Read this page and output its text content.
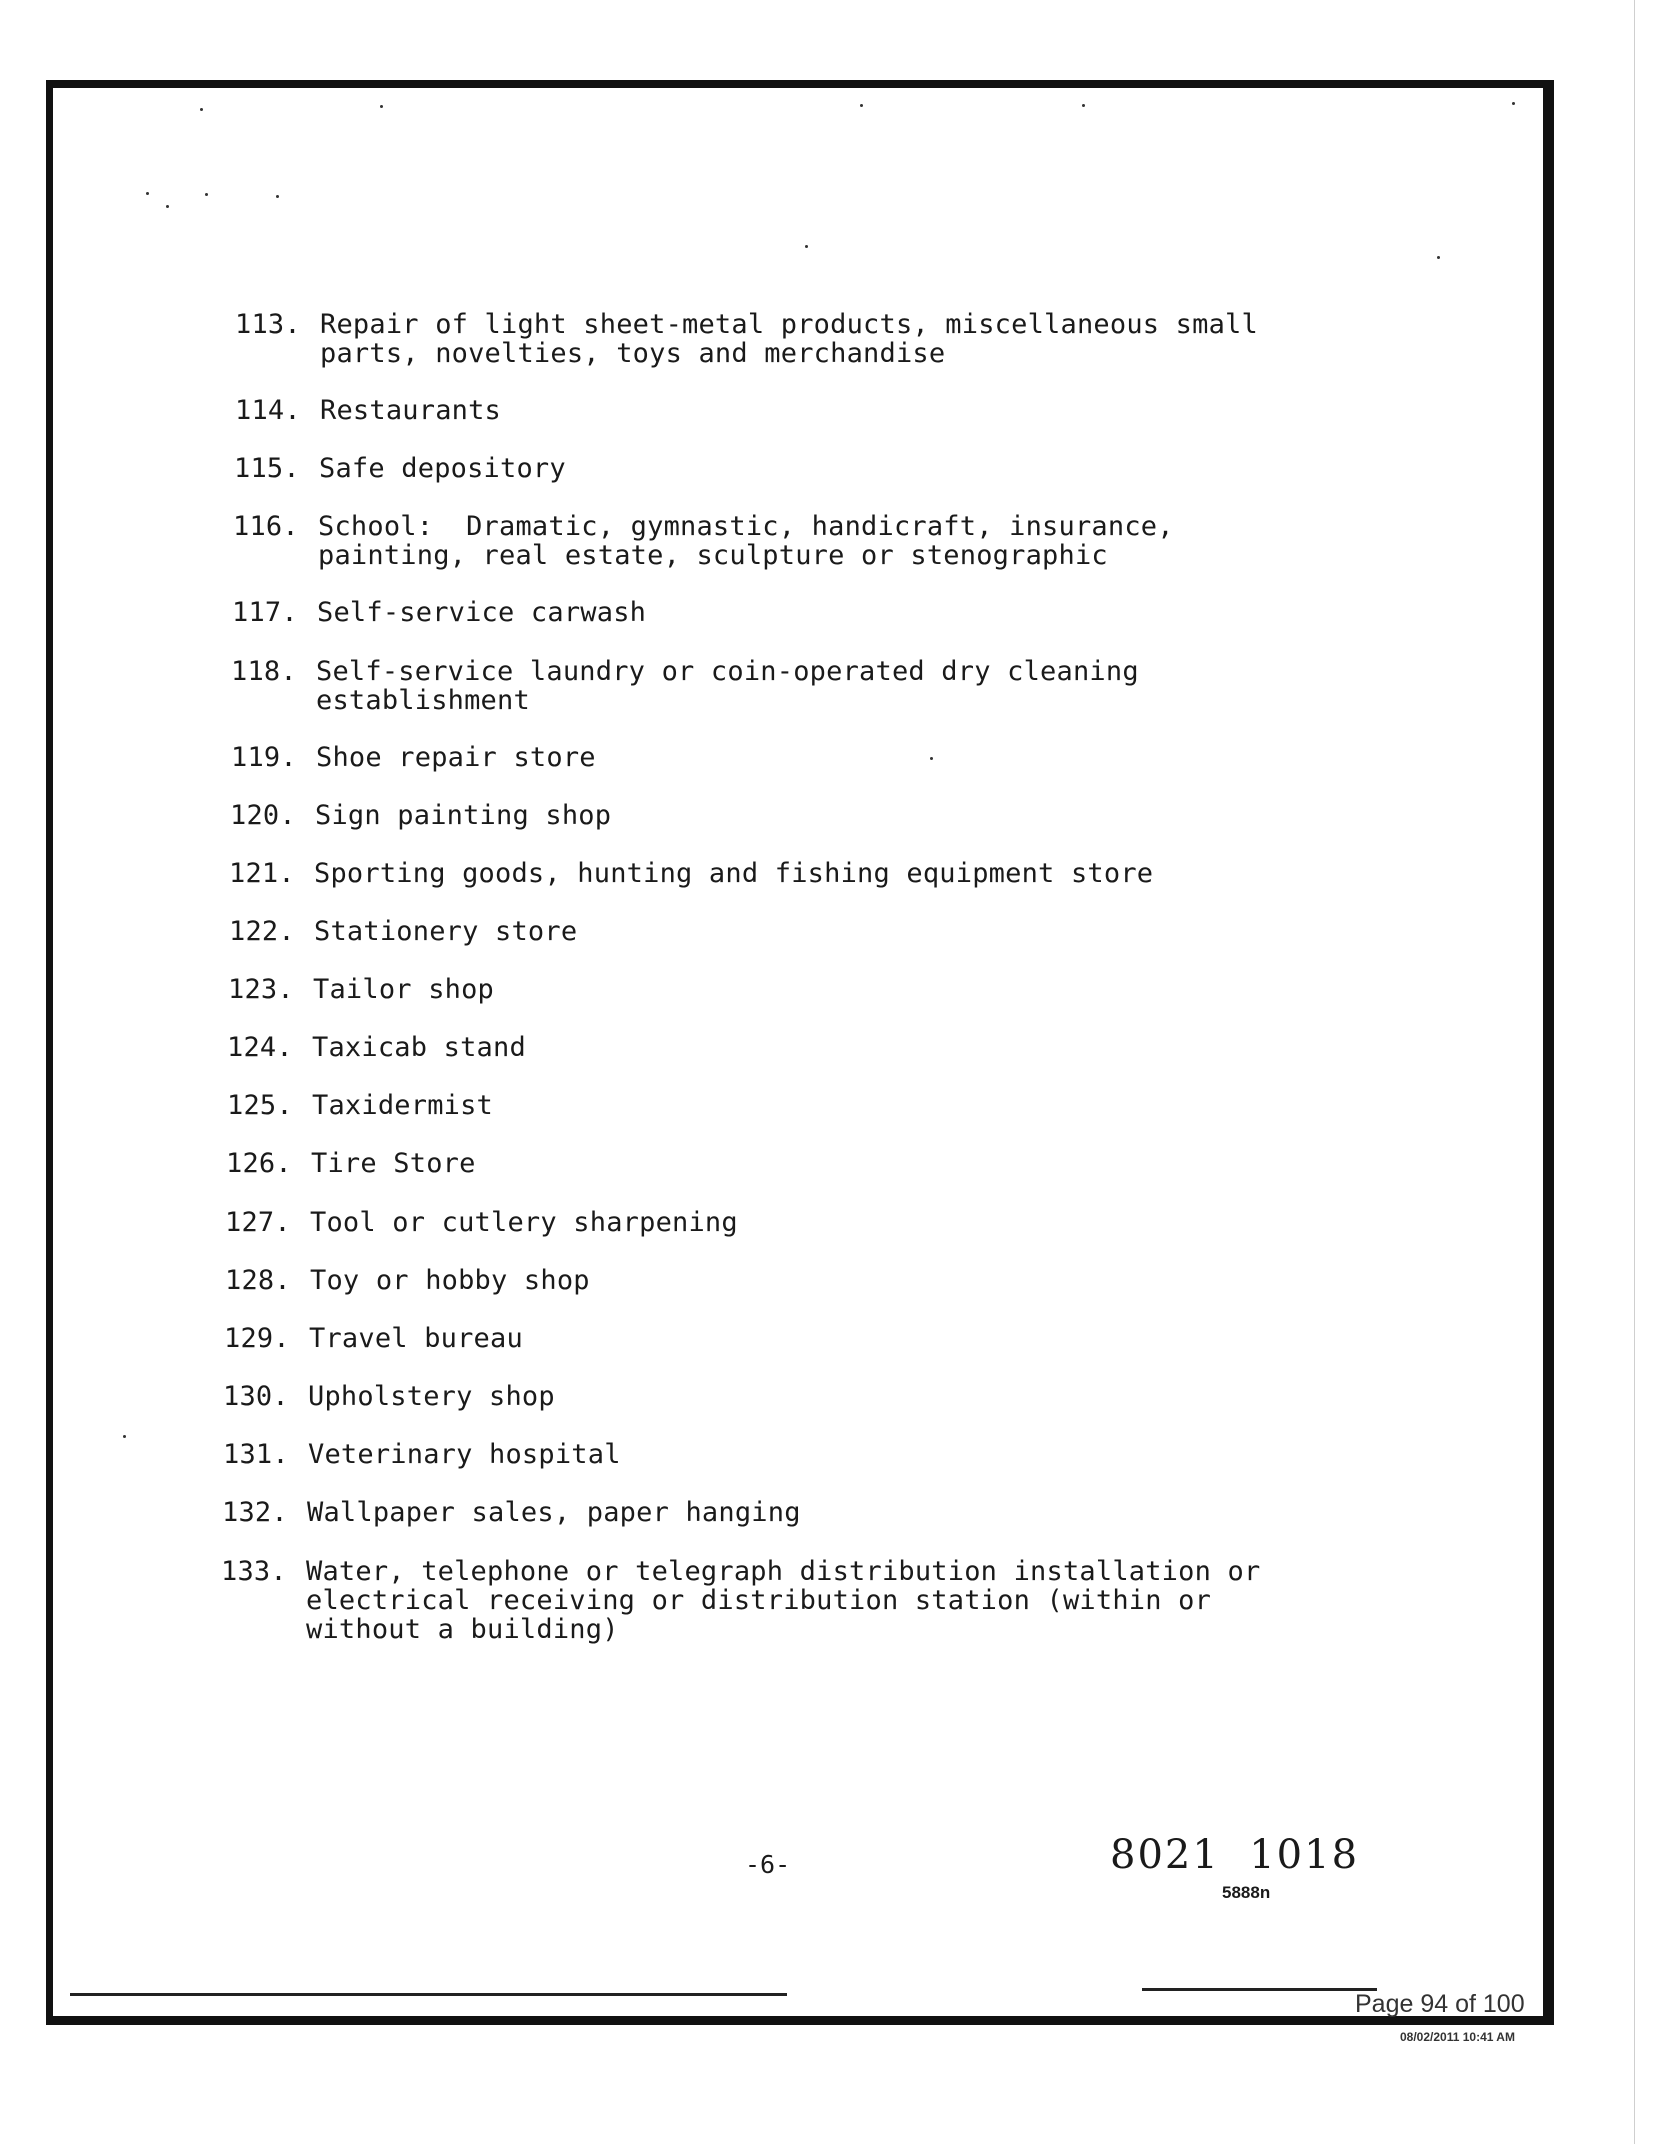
113. Repair of light sheet-metal products, miscellaneous small
parts, novelties, toys and merchandise
114. Restaurants
115. Safe depository
116. School:  Dramatic, gymnastic, handicraft, insurance,
painting, real estate, sculpture or stenographic
117. Self-service carwash
118. Self-service laundry or coin-operated dry cleaning
establishment
119. Shoe repair store
120. Sign painting shop
121. Sporting goods, hunting and fishing equipment store
122. Stationery store
123. Tailor shop
124. Taxicab stand
125. Taxidermist
126. Tire Store
127. Tool or cutlery sharpening
128. Toy or hobby shop
129. Travel bureau
130. Upholstery shop
131. Veterinary hospital
132. Wallpaper sales, paper hanging
133. Water, telephone or telegraph distribution installation or
electrical receiving or distribution station (within or
without a building)
-6-	8021  1018
5888n
Page 94 of 100
08/02/2011 10:41 AM
